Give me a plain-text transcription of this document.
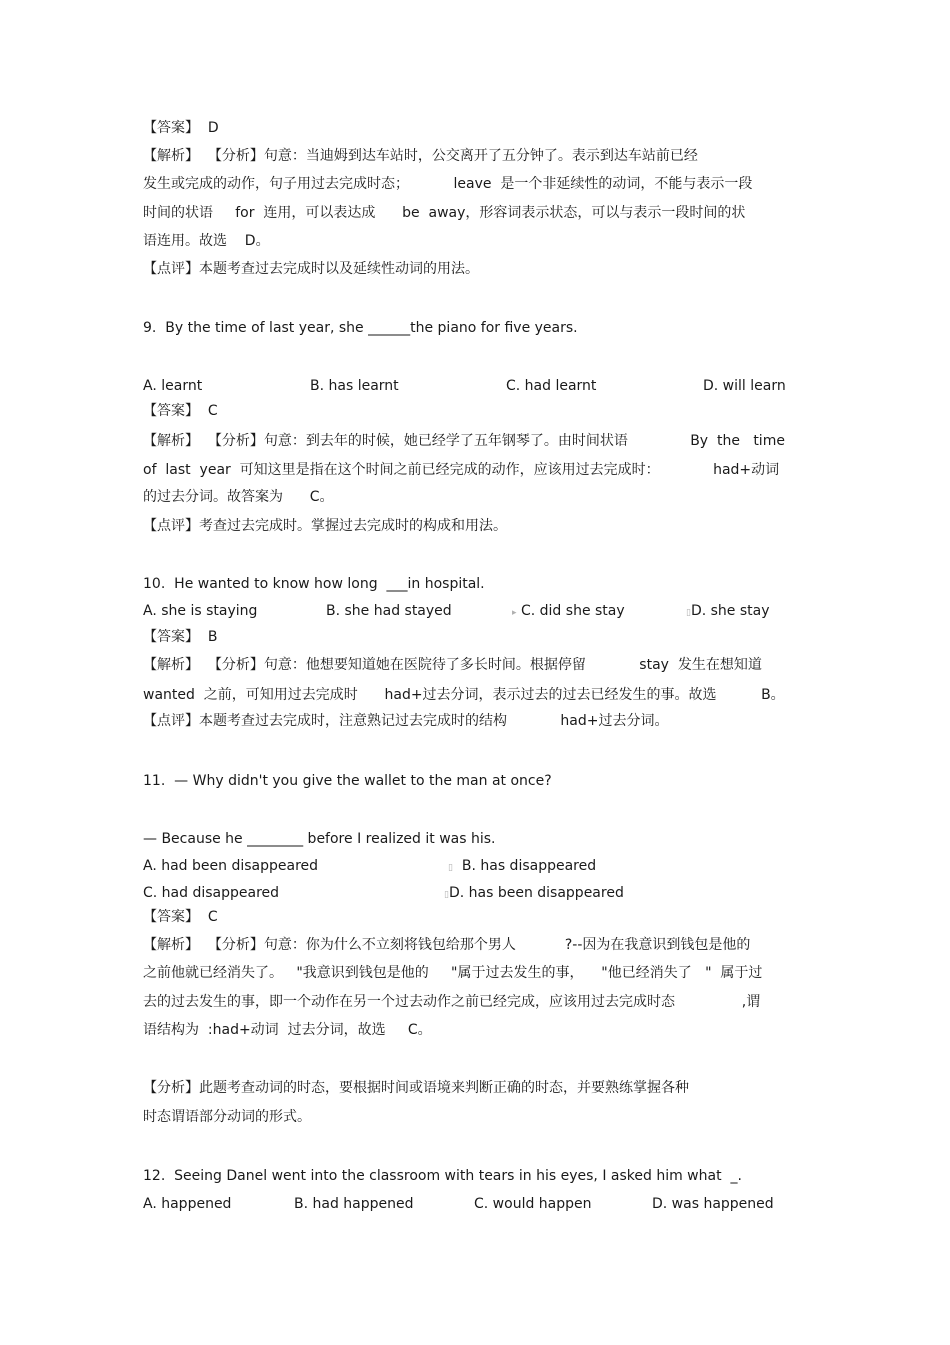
【答案】  D
【解析】  【分析】句意：当迪姆到达车站时，公交离开了五分钟了。表示到达车站前已经
发生或完成的动作，句子用过去完成时态；          leave  是一个非延续性的动词，不能与表示一段
时间的状语     for  连用，可以表达成      be  away，形容词表示状态，可以与表示一段时间的状
语连用。故选    D。
【点评】本题考查过去完成时以及延续性动词的用法。
9.  By the time of last year, she ______the piano for five years.
A. learnt	B. has learnt	C. had learnt	D. will learn
【答案】  C
【解析】  【分析】句意：到去年的时候，她已经学了五年钢琴了。由时间状语              By  the   time
of  last  year  可知这里是指在这个时间之前已经完成的动作，应该用过去完成时：            had+动词
的过去分词。故答案为      C。
【点评】考查过去完成时。掌握过去完成时的构成和用法。
10.  He wanted to know how long  ___in hospital.
A. she is staying	B. she had stayed	▸ C. did she stay	▯D. she stay
【答案】  B
【解析】  【分析】句意：他想要知道她在医院待了多长时间。根据停留            stay  发生在想知道
wanted  之前，可知用过去完成时      had+过去分词，表示过去的过去已经发生的事。故选          B。
【点评】本题考查过去完成时，注意熟记过去完成时的结构            had+过去分词。
11.  — Why didn't you give the wallet to the man at once?
— Because he ________ before I realized it was his.
A. had been disappeared	▯ B. has disappeared
C. had disappeared	▯D. has been disappeared
【答案】  C
【解析】  【分析】句意：你为什么不立刻将钱包给那个男人           ?--因为在我意识到钱包是他的
之前他就已经消失了。   "我意识到钱包是他的     "属于过去发生的事，    "他已经消失了   "  属于过
去的过去发生的事，即一个动作在另一个过去动作之前已经完成，应该用过去完成时态               ,谓
语结构为  :had+动词  过去分词，故选     C。
【分析】此题考查动词的时态，要根据时间或语境来判断正确的时态，并要熟练掌握各种
时态谓语部分动词的形式。
12.  Seeing Danel went into the classroom with tears in his eyes, I asked him what  _.
A. happened	B. had happened	C. would happen	D. was happened
